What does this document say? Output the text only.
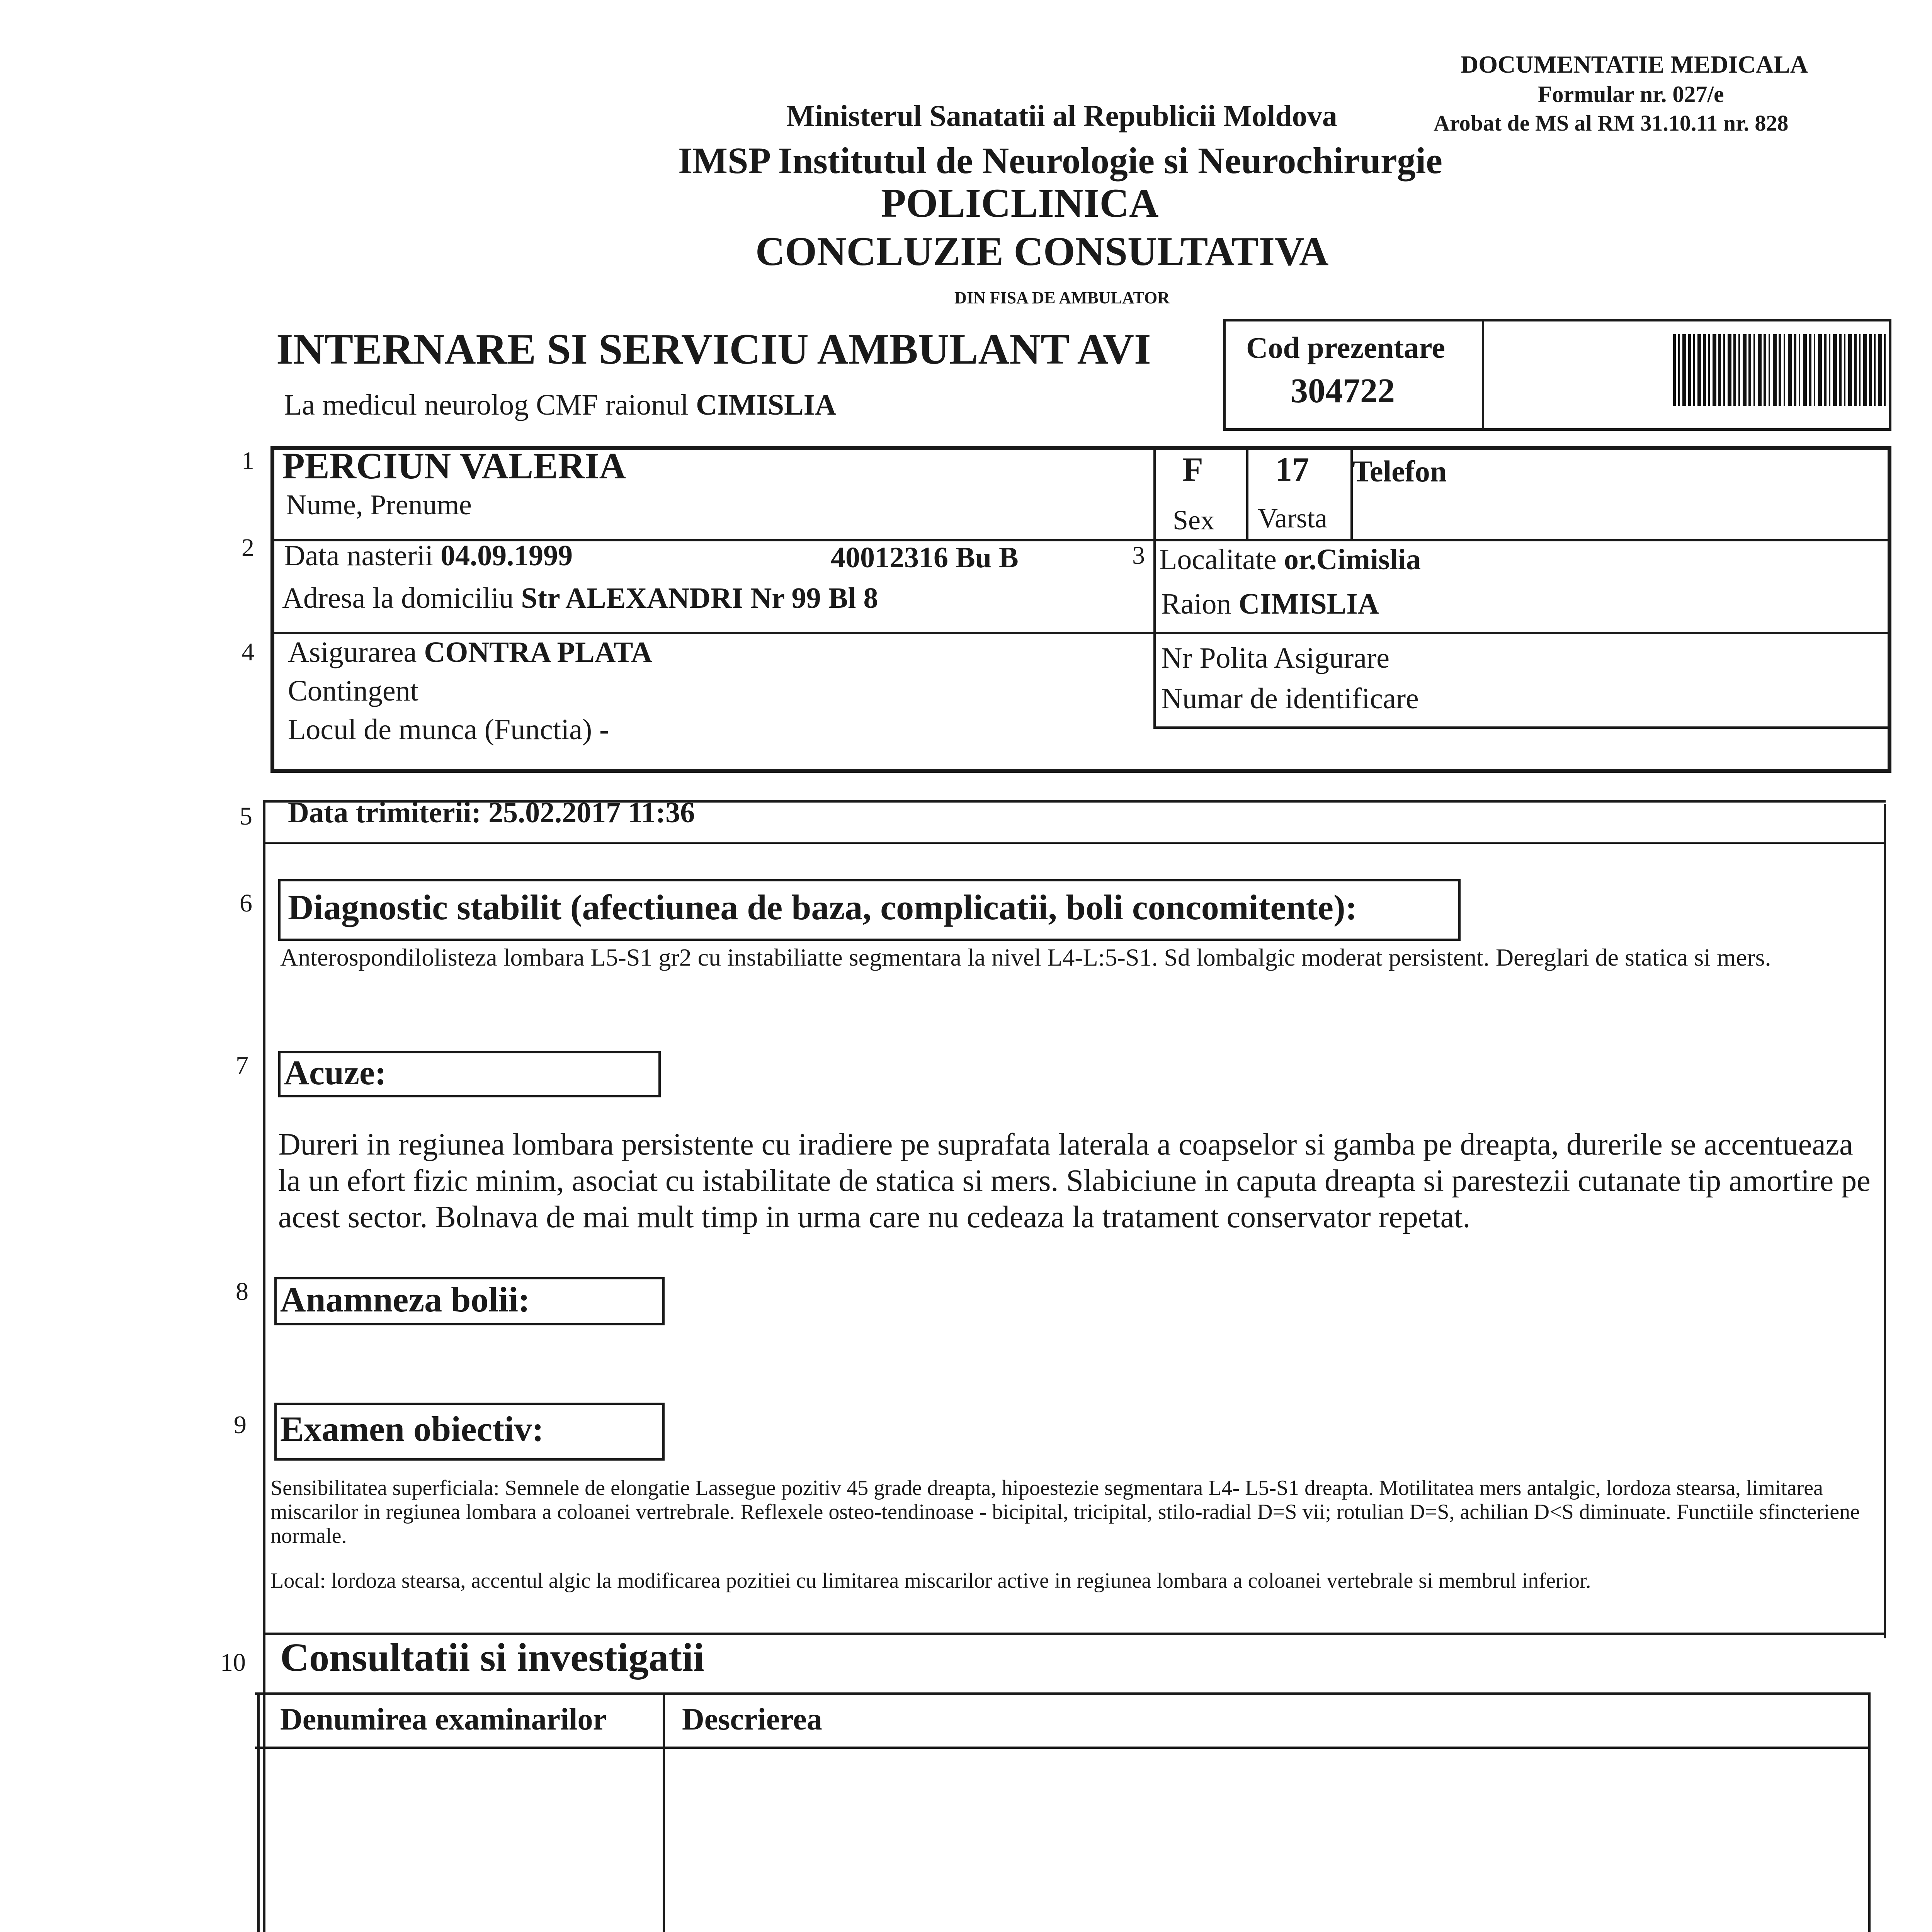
DOCUMENTATIE MEDICALA
Formular nr. 027/e
Arobat de MS al RM 31.10.11 nr. 828
Ministerul Sanatatii al Republicii Moldova
IMSP Institutul de Neurologie si Neurochirurgie
POLICLINICA
CONCLUZIE CONSULTATIVA
DIN FISA DE AMBULATOR
INTERNARE SI SERVICIU AMBULANT AVI
La medicul neurolog CMF raionul CIMISLIA
Cod prezentare
304722
1 PERCIUN VALERIA
Nume, Prenume
F
Sex
17
Varsta
Telefon
2 Data nasterii 04.09.1999	40012316 Bu B	3 Localitate or.Cimislia
Adresa la domiciliu Str ALEXANDRI Nr 99 Bl 8	Raion CIMISLIA
4 Asigurarea CONTRA PLATA
Contingent
Locul de munca (Functia) -
Nr Polita Asigurare
Numar de identificare
5 Data trimiterii: 25.02.2017 11:36
6 Diagnostic stabilit (afectiunea de baza, complicatii, boli concomitente):
Anterospondilolisteza lombara L5-S1 gr2 cu instabiliatte segmentara la nivel L4-L:5-S1. Sd lombalgic moderat persistent. Dereglari de statica si mers.
7 Acuze:
Dureri in regiunea lombara persistente cu iradiere pe suprafata laterala a coapselor si gamba pe dreapta, durerile se accentueaza la un efort fizic minim, asociat cu istabilitate de statica si mers. Slabiciune in caputa dreapta si parestezii cutanate tip amortire pe acest sector. Bolnava de mai mult timp in urma care nu cedeaza la tratament conservator repetat.
8 Anamneza bolii:
9 Examen obiectiv:
Sensibilitatea superficiala: Semnele de elongatie Lassegue pozitiv 45 grade dreapta, hipoestezie segmentara L4- L5-S1 dreapta. Motilitatea mers antalgic, lordoza stearsa, limitarea miscarilor in regiunea lombara a coloanei vertrebrale. Reflexele osteo-tendinoase - bicipital, tricipital, stilo-radial D=S vii; rotulian D=S, achilian D<S diminuate. Functiile sfincteriene normale.
Local: lordoza stearsa, accentul algic la modificarea pozitiei cu limitarea miscarilor active in regiunea lombara a coloanei vertebrale si membrul inferior.
10 Consultatii si investigatii
Denumirea examinarilor Descrierea
